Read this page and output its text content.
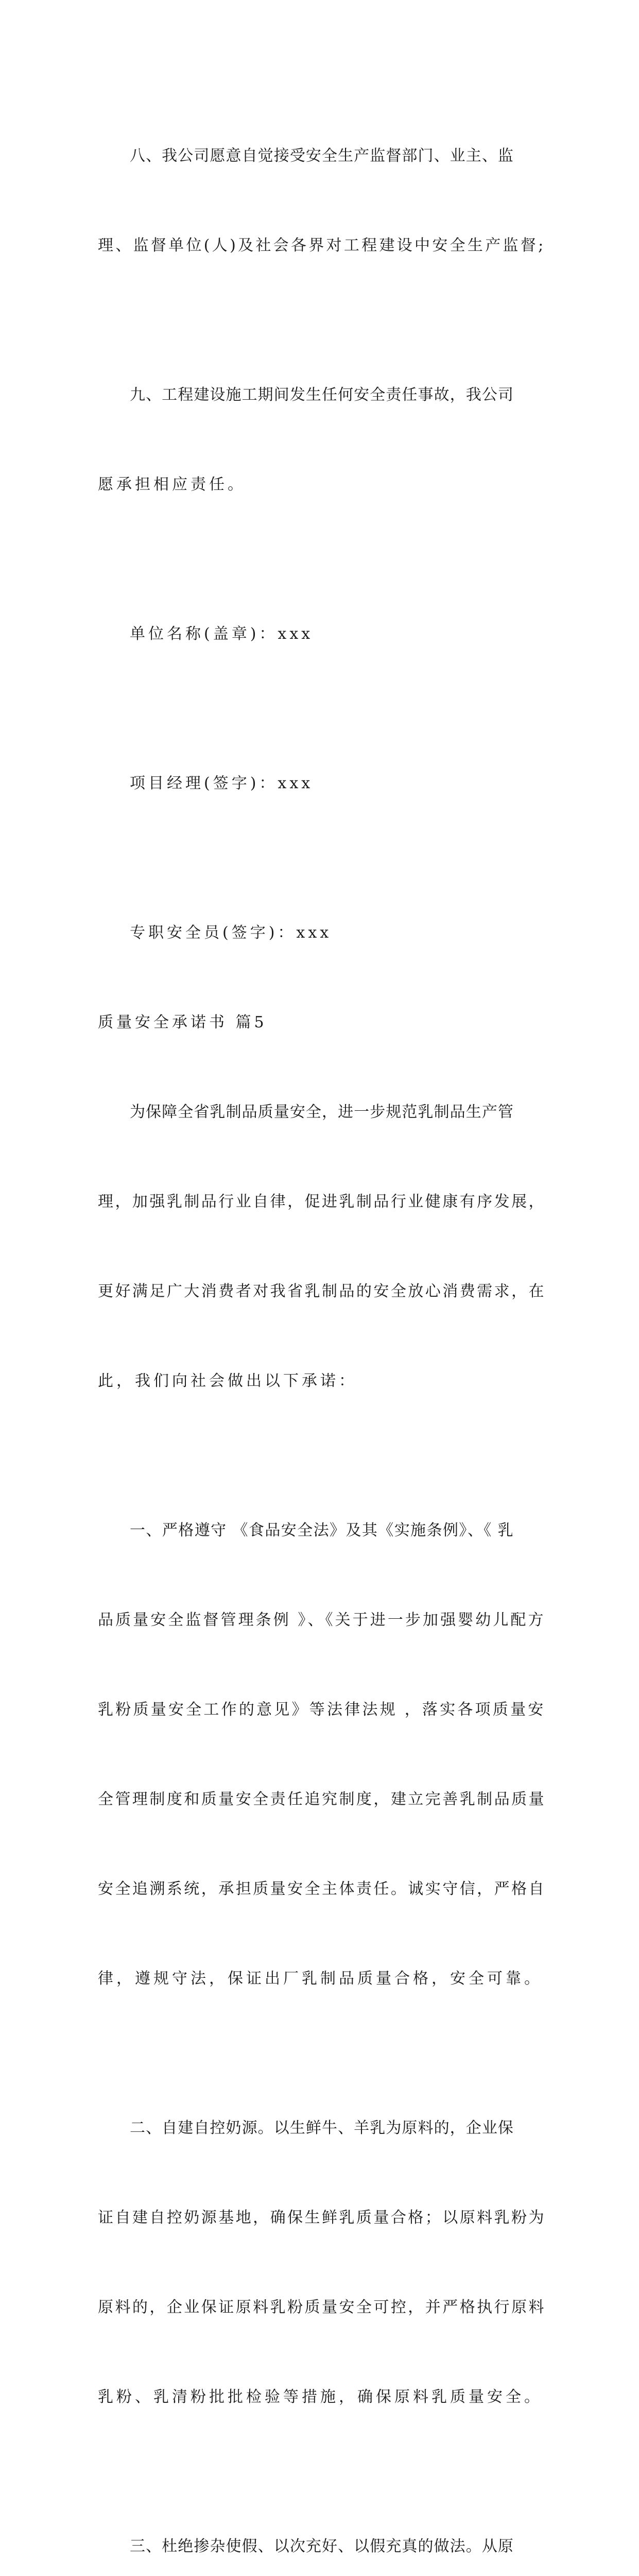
八、我公司愿意自觉接受安全生产监督部门、业主、监

理、监督单位(人)及社会各界对工程建设中安全生产监督;

九、工程建设施工期间发生任何安全责任事故，我公司

愿承担相应责任。

单位名称(盖章)：xxx

项目经理(签字)：xxx

专职安全员(签字)：xxx

质量安全承诺书 篇5

为保障全省乳制品质量安全，进一步规范乳制品生产管

理，加强乳制品行业自律，促进乳制品行业健康有序发展，

更好满足广大消费者对我省乳制品的安全放心消费需求，在

此，我们向社会做出以下承诺：

一、严格遵守 《食品安全法》及其《实施条例》、《 乳

品质量安全监督管理条例 》、《关于进一步加强婴幼儿配方

乳粉质量安全工作的意见》等法律法规 ，落实各项质量安

全管理制度和质量安全责任追究制度，建立完善乳制品质量

安全追溯系统，承担质量安全主体责任。诚实守信，严格自

律，遵规守法，保证出厂乳制品质量合格，安全可靠。

二、自建自控奶源。以生鲜牛、羊乳为原料的，企业保

证自建自控奶源基地，确保生鲜乳质量合格；以原料乳粉为

原料的，企业保证原料乳粉质量安全可控，并严格执行原料

乳粉、乳清粉批批检验等措施，确保原料乳质量安全。

三、杜绝掺杂使假、以次充好、以假充真的做法。从原
